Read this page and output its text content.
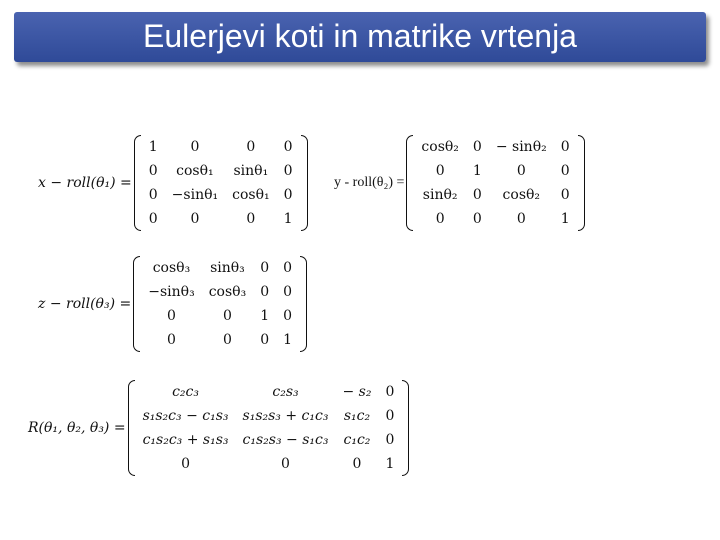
Eulerjevi koti in matrike vrtenja
x − roll(θ₁) =
1	0	0	0
0	cosθ₁	sinθ₁	0
0	−sinθ₁	cosθ₁	0
0	0	0	1
y - roll(θ₂) =
cosθ₂	0	− sinθ₂	0
0	1	0	0
sinθ₂	0	cosθ₂	0
0	0	0	1
z − roll(θ₃) =
cosθ₃	sinθ₃	0	0
−sinθ₃	cosθ₃	0	0
0	0	1	0
0	0	0	1
R(θ₁, θ₂, θ₃) =
c₂c₃	c₂s₃	− s₂	0
s₁s₂c₃ − c₁s₃	s₁s₂s₃ + c₁c₃	s₁c₂	0
c₁s₂c₃ + s₁s₃	c₁s₂s₃ − s₁c₃	c₁c₂	0
0	0	0	1
